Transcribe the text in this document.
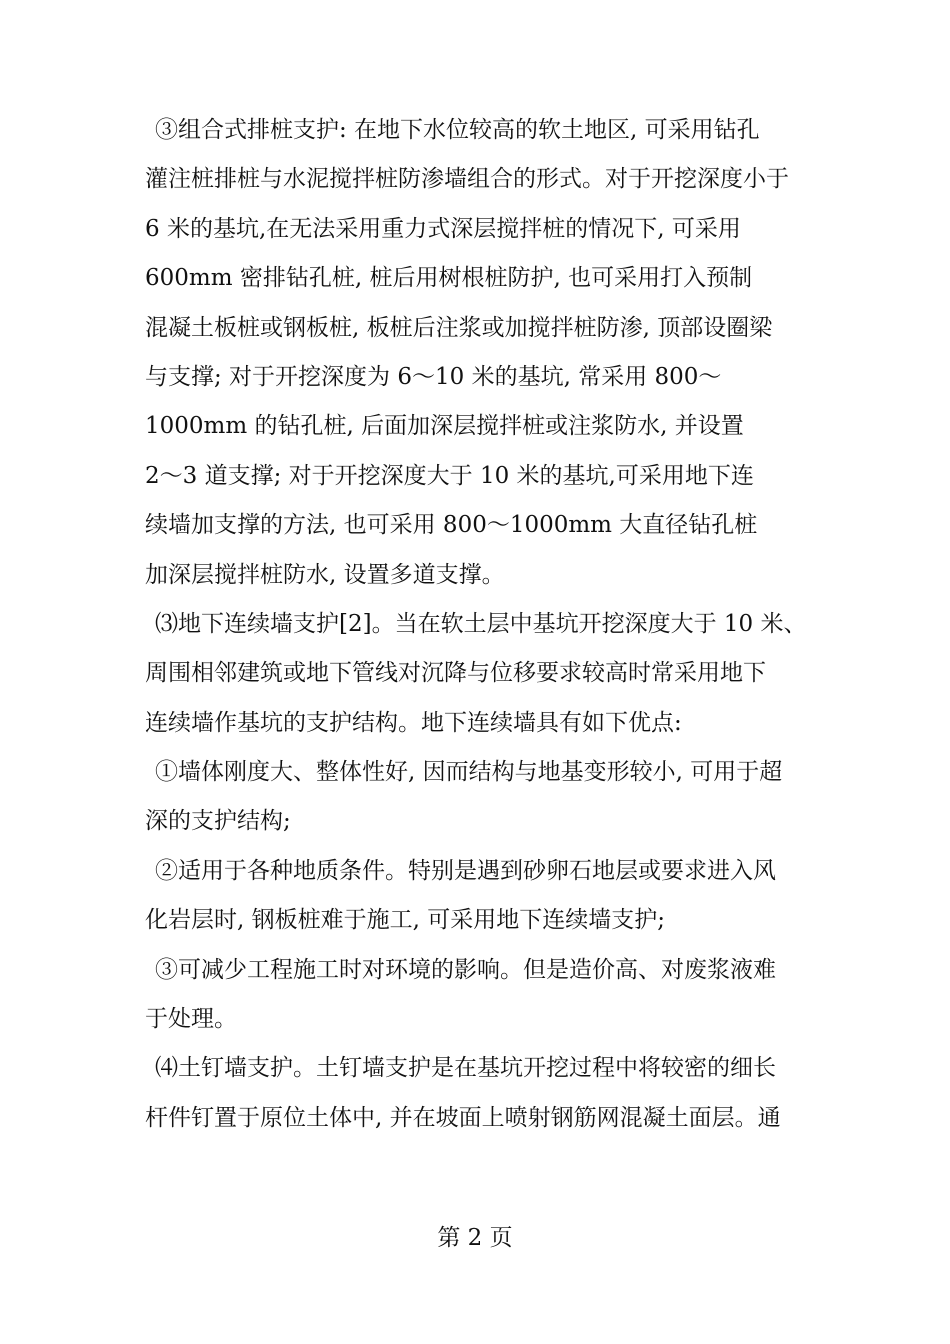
③组合式排桩支护: 在地下水位较高的软土地区, 可采用钻孔
灌注桩排桩与水泥搅拌桩防渗墙组合的形式。对于开挖深度小于
6 米的基坑,在无法采用重力式深层搅拌桩的情况下, 可采用
600mm 密排钻孔桩, 桩后用树根桩防护, 也可采用打入预制
混凝土板桩或钢板桩, 板桩后注浆或加搅拌桩防渗, 顶部设圈梁
与支撑; 对于开挖深度为 6～10 米的基坑, 常采用 800～
1000mm 的钻孔桩, 后面加深层搅拌桩或注浆防水, 并设置
2～3 道支撑; 对于开挖深度大于 10 米的基坑,可采用地下连
续墙加支撑的方法, 也可采用 800～1000mm 大直径钻孔桩
加深层搅拌桩防水, 设置多道支撑。
⑶地下连续墙支护[2]。当在软土层中基坑开挖深度大于 10 米、
周围相邻建筑或地下管线对沉降与位移要求较高时常采用地下
连续墙作基坑的支护结构。地下连续墙具有如下优点:
①墙体刚度大、整体性好, 因而结构与地基变形较小, 可用于超
深的支护结构;
②适用于各种地质条件。特别是遇到砂卵石地层或要求进入风
化岩层时, 钢板桩难于施工, 可采用地下连续墙支护;
③可减少工程施工时对环境的影响。但是造价高、对废浆液难
于处理。
⑷土钉墙支护。土钉墙支护是在基坑开挖过程中将较密的细长
杆件钉置于原位土体中, 并在坡面上喷射钢筋网混凝土面层。通
第 2 页
